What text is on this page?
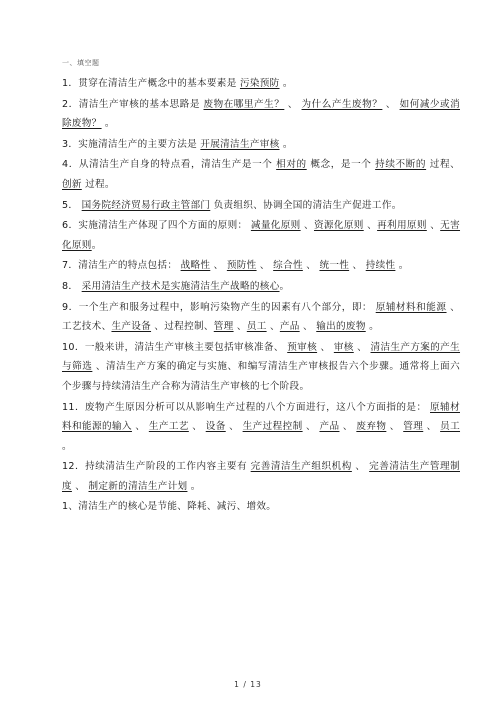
一、填空题

1．贯穿在清洁生产概念中的基本要素是 污染预防 。

2．清洁生产审核的基本思路是 废物在哪里产生？ 、 为什么产生废物？ 、 如何减少或消除废物？ 。

3．实施清洁生产的主要方法是 开展清洁生产审核 。

4．从清洁生产自身的特点看，清洁生产是一个 相对的 概念，是一个 持续不断的 过程、 创新 过程。

5． 国务院经济贸易行政主管部门 负责组织、协调全国的清洁生产促进工作。

6．实施清洁生产体现了四个方面的原则： 减量化原则 、资源化原则 、再利用原则 、无害化原则。

7．清洁生产的特点包括： 战略性 、 预防性 、 综合性 、 统一性 、 持续性 。

8． 采用清洁生产技术是实施清洁生产战略的核心。

9．一个生产和服务过程中，影响污染物产生的因素有八个部分，即： 原辅材料和能源 、工艺技术、生产设备 、过程控制、管理 、员工 、产品 、 输出的废物 。

10．一般来讲，清洁生产审核主要包括审核准备、 预审核 、 审核 、 清洁生产方案的产生与筛选 、清洁生产方案的确定与实施、和编写清洁生产审核报告六个步骤。通常将上面六个步骤与持续清洁生产合称为清洁生产审核的七个阶段。

11．废物产生原因分析可以从影响生产过程的八个方面进行，这八个方面指的是： 原辅材料和能源的输入 、 生产工艺 、 设备 、 生产过程控制 、 产品 、 废弃物 、 管理 、 员工 。

12．持续清洁生产阶段的工作内容主要有 完善清洁生产组织机构 、 完善清洁生产管理制度 、 制定新的清洁生产计划 。

1、清洁生产的核心是节能、降耗、减污、增效。

1 / 13
